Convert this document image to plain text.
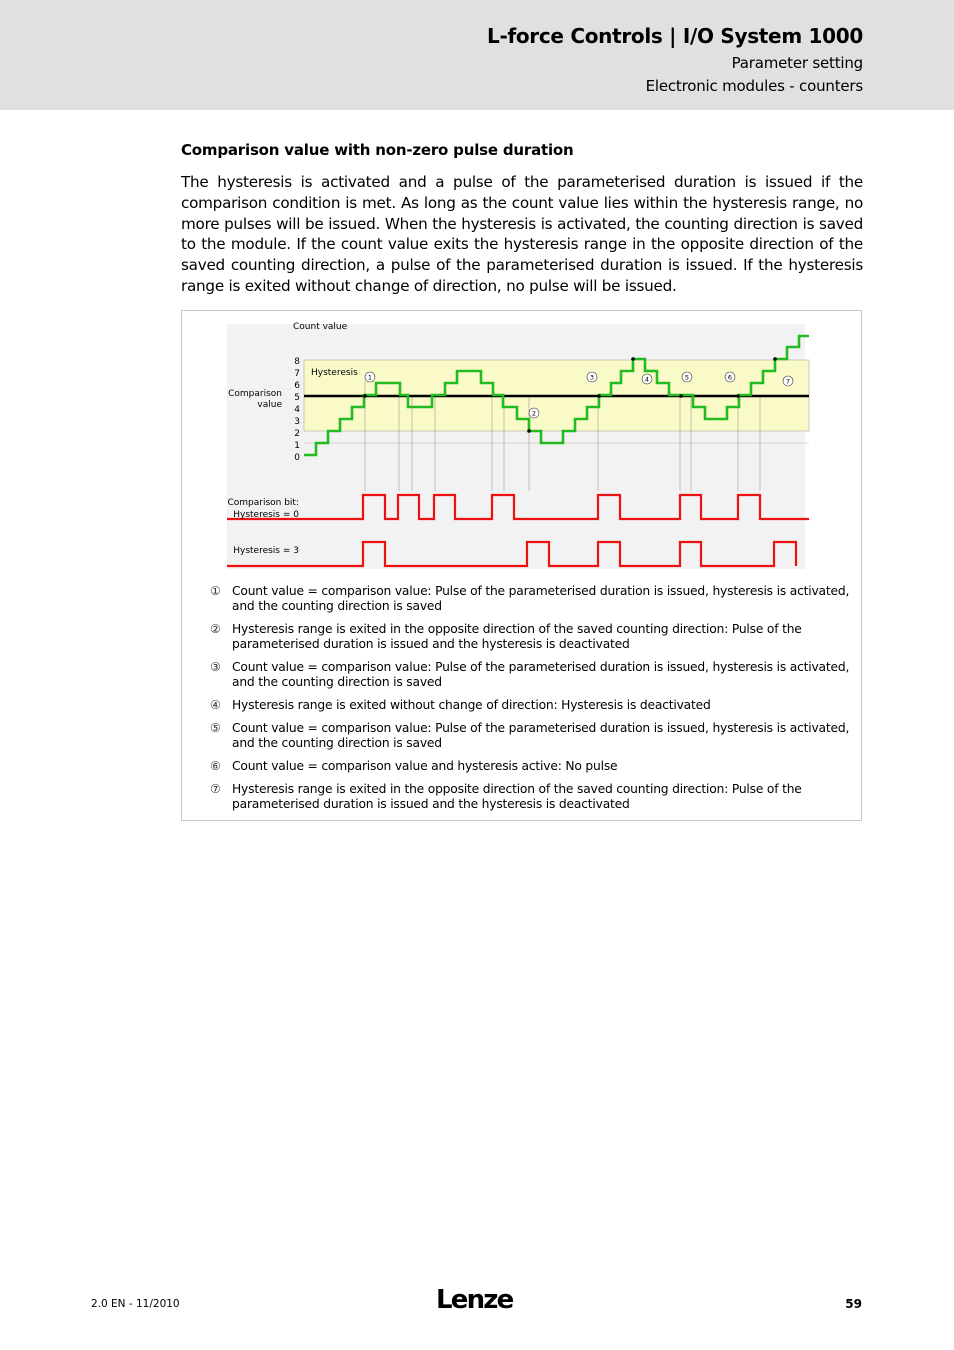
L-force Controls | I/O System 1000
Parameter setting
Electronic modules - counters
Comparison value with non-zero pulse duration

The hysteresis is activated and a pulse of the parameterised duration is issued if the comparison condition is met. As long as the count value lies within the hysteresis range, no more pulses will be issued. When the hysteresis is activated, the counting direction is saved to the module. If the count value exits the hysteresis range in the opposite direction of the saved counting direction, a pulse of the parameterised duration is issued. If the hysteresis range is exited without change of direction, no pulse will be issued.

1
2
3	4	5	6	7
8
7
6
5
4
3
2
1
0
Count value
Hysteresis
Comparison
value
Comparison bit:
Hysteresis = 0
Hysteresis = 3
① Count value = comparison value: Pulse of the parameterised duration is issued, hysteresis is activated, and the counting direction is saved
② Hysteresis range is exited in the opposite direction of the saved counting direction: Pulse of the parameterised duration is issued and the hysteresis is deactivated
③ Count value = comparison value: Pulse of the parameterised duration is issued, hysteresis is activated, and the counting direction is saved
④ Hysteresis range is exited without change of direction: Hysteresis is deactivated
⑤ Count value = comparison value: Pulse of the parameterised duration is issued, hysteresis is activated, and the counting direction is saved
⑥ Count value = comparison value and hysteresis active: No pulse
⑦ Hysteresis range is exited in the opposite direction of the saved counting direction: Pulse of the parameterised duration is issued and the hysteresis is deactivated
2.0 EN - 11/2010	Lenze	59
